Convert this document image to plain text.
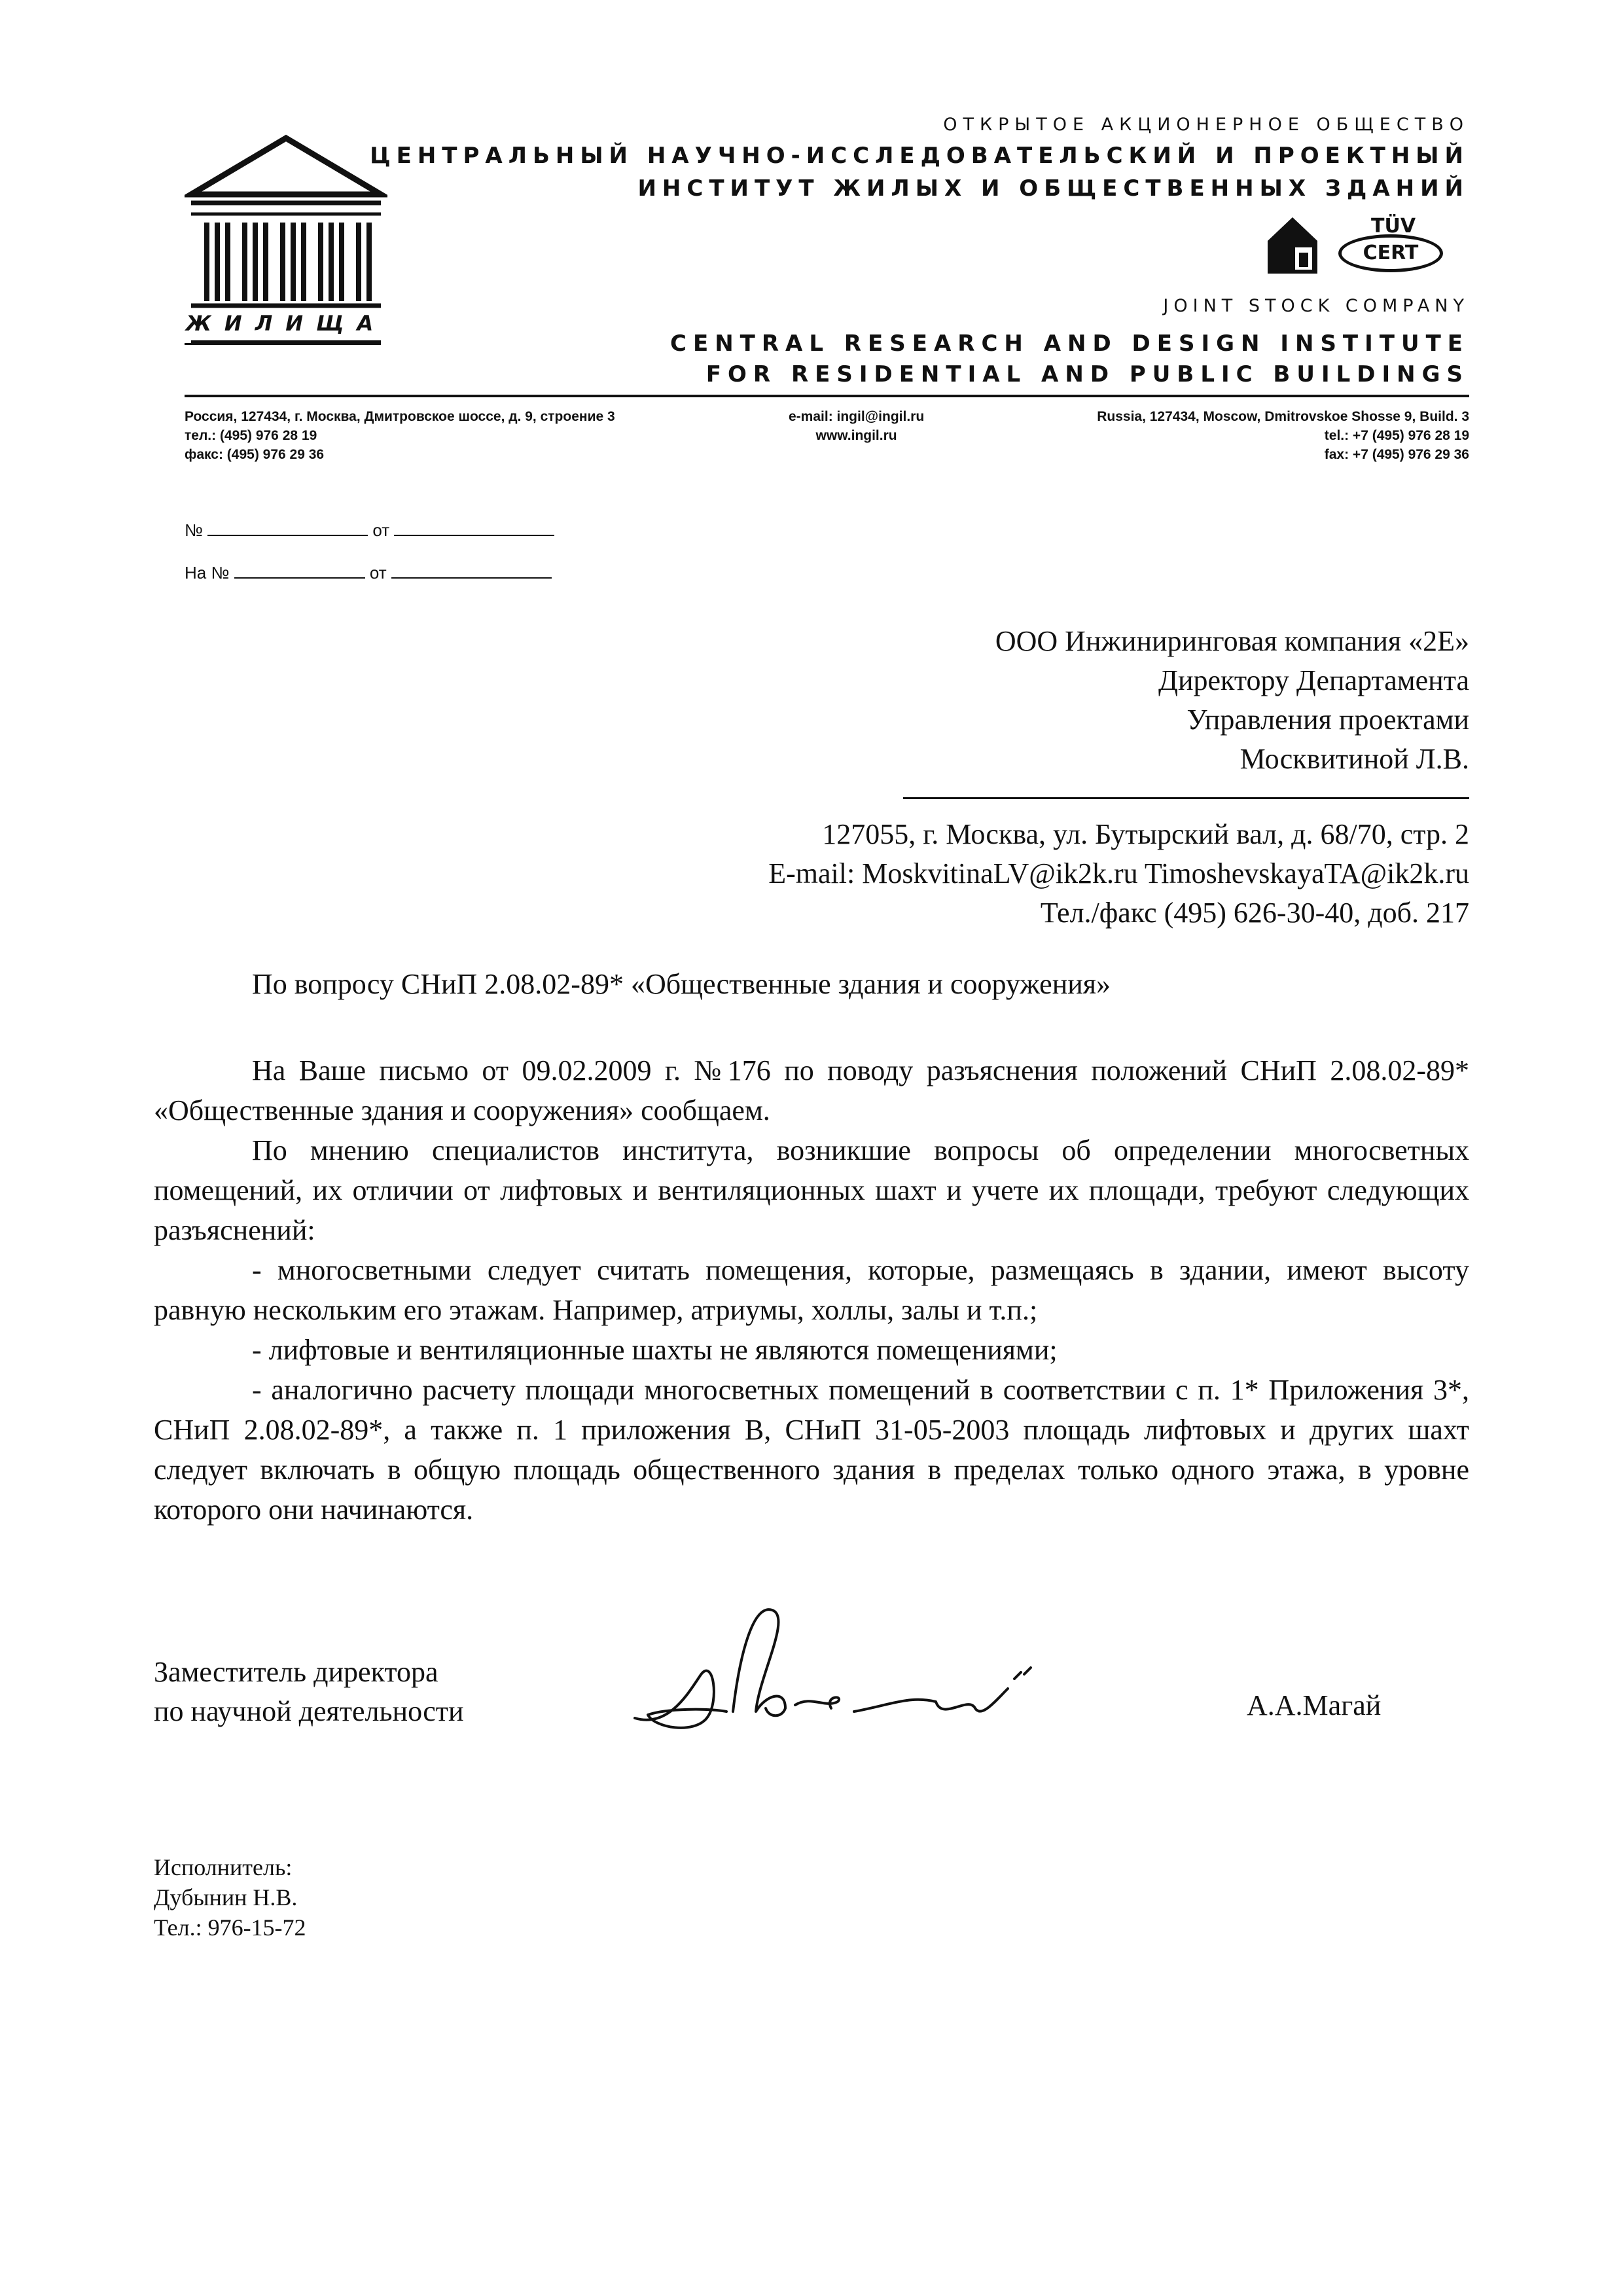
ЖИЛИЩА
ОТКРЫТОЕ АКЦИОНЕРНОЕ ОБЩЕСТВО
ЦЕНТРАЛЬНЫЙ НАУЧНО-ИССЛЕДОВАТЕЛЬСКИЙ И ПРОЕКТНЫЙ
ИНСТИТУТ ЖИЛЫХ И ОБЩЕСТВЕННЫХ ЗДАНИЙ
CERT
TÜV
JOINT STOCK COMPANY
CENTRAL RESEARCH AND DESIGN INSTITUTE
FOR RESIDENTIAL AND PUBLIC BUILDINGS
Россия, 127434, г. Москва, Дмитровское шоссе, д. 9, строение 3
тел.: (495) 976 28 19
факс: (495) 976 29 36
e-mail: ingil@ingil.ru
www.ingil.ru
Russia, 127434, Moscow, Dmitrovskoe Shosse 9, Build. 3
tel.: +7 (495) 976 28 19
fax: +7 (495) 976 29 36
№	от
На №	от
ООО Инжиниринговая компания «2Е»
Директору Департамента
Управления проектами
Москвитиной Л.В.
127055, г. Москва, ул. Бутырский вал, д. 68/70, стр. 2
E-mail: MoskvitinaLV@ik2k.ru TimoshevskayaTA@ik2k.ru
Тел./факс (495) 626-30-40, доб. 217
По вопросу СНиП 2.08.02-89* «Общественные здания и сооружения»

На Ваше письмо от 09.02.2009 г. №176 по поводу разъяснения положений СНиП 2.08.02-89* «Общественные здания и сооружения» сообщаем.

По мнению специалистов института, возникшие вопросы об определении многосветных помещений, их отличии от лифтовых и вентиляционных шахт и учете их площади, требуют следующих разъяснений:

- многосветными следует считать помещения, которые, размещаясь в здании, имеют высоту равную нескольким его этажам. Например, атриумы, холлы, залы и т.п.;

- лифтовые и вентиляционные шахты не являются помещениями;

- аналогично расчету площади многосветных помещений в соответствии с п. 1* Приложения 3*, СНиП 2.08.02-89*, а также п. 1 приложения В, СНиП 31-05-2003 площадь лифтовых и других шахт следует включать в общую площадь общественного здания в пределах только одного этажа, в уровне которого они начинаются.

Заместитель директора
по научной деятельности	А.А.Магай
Исполнитель:
Дубынин Н.В.
Тел.: 976-15-72
